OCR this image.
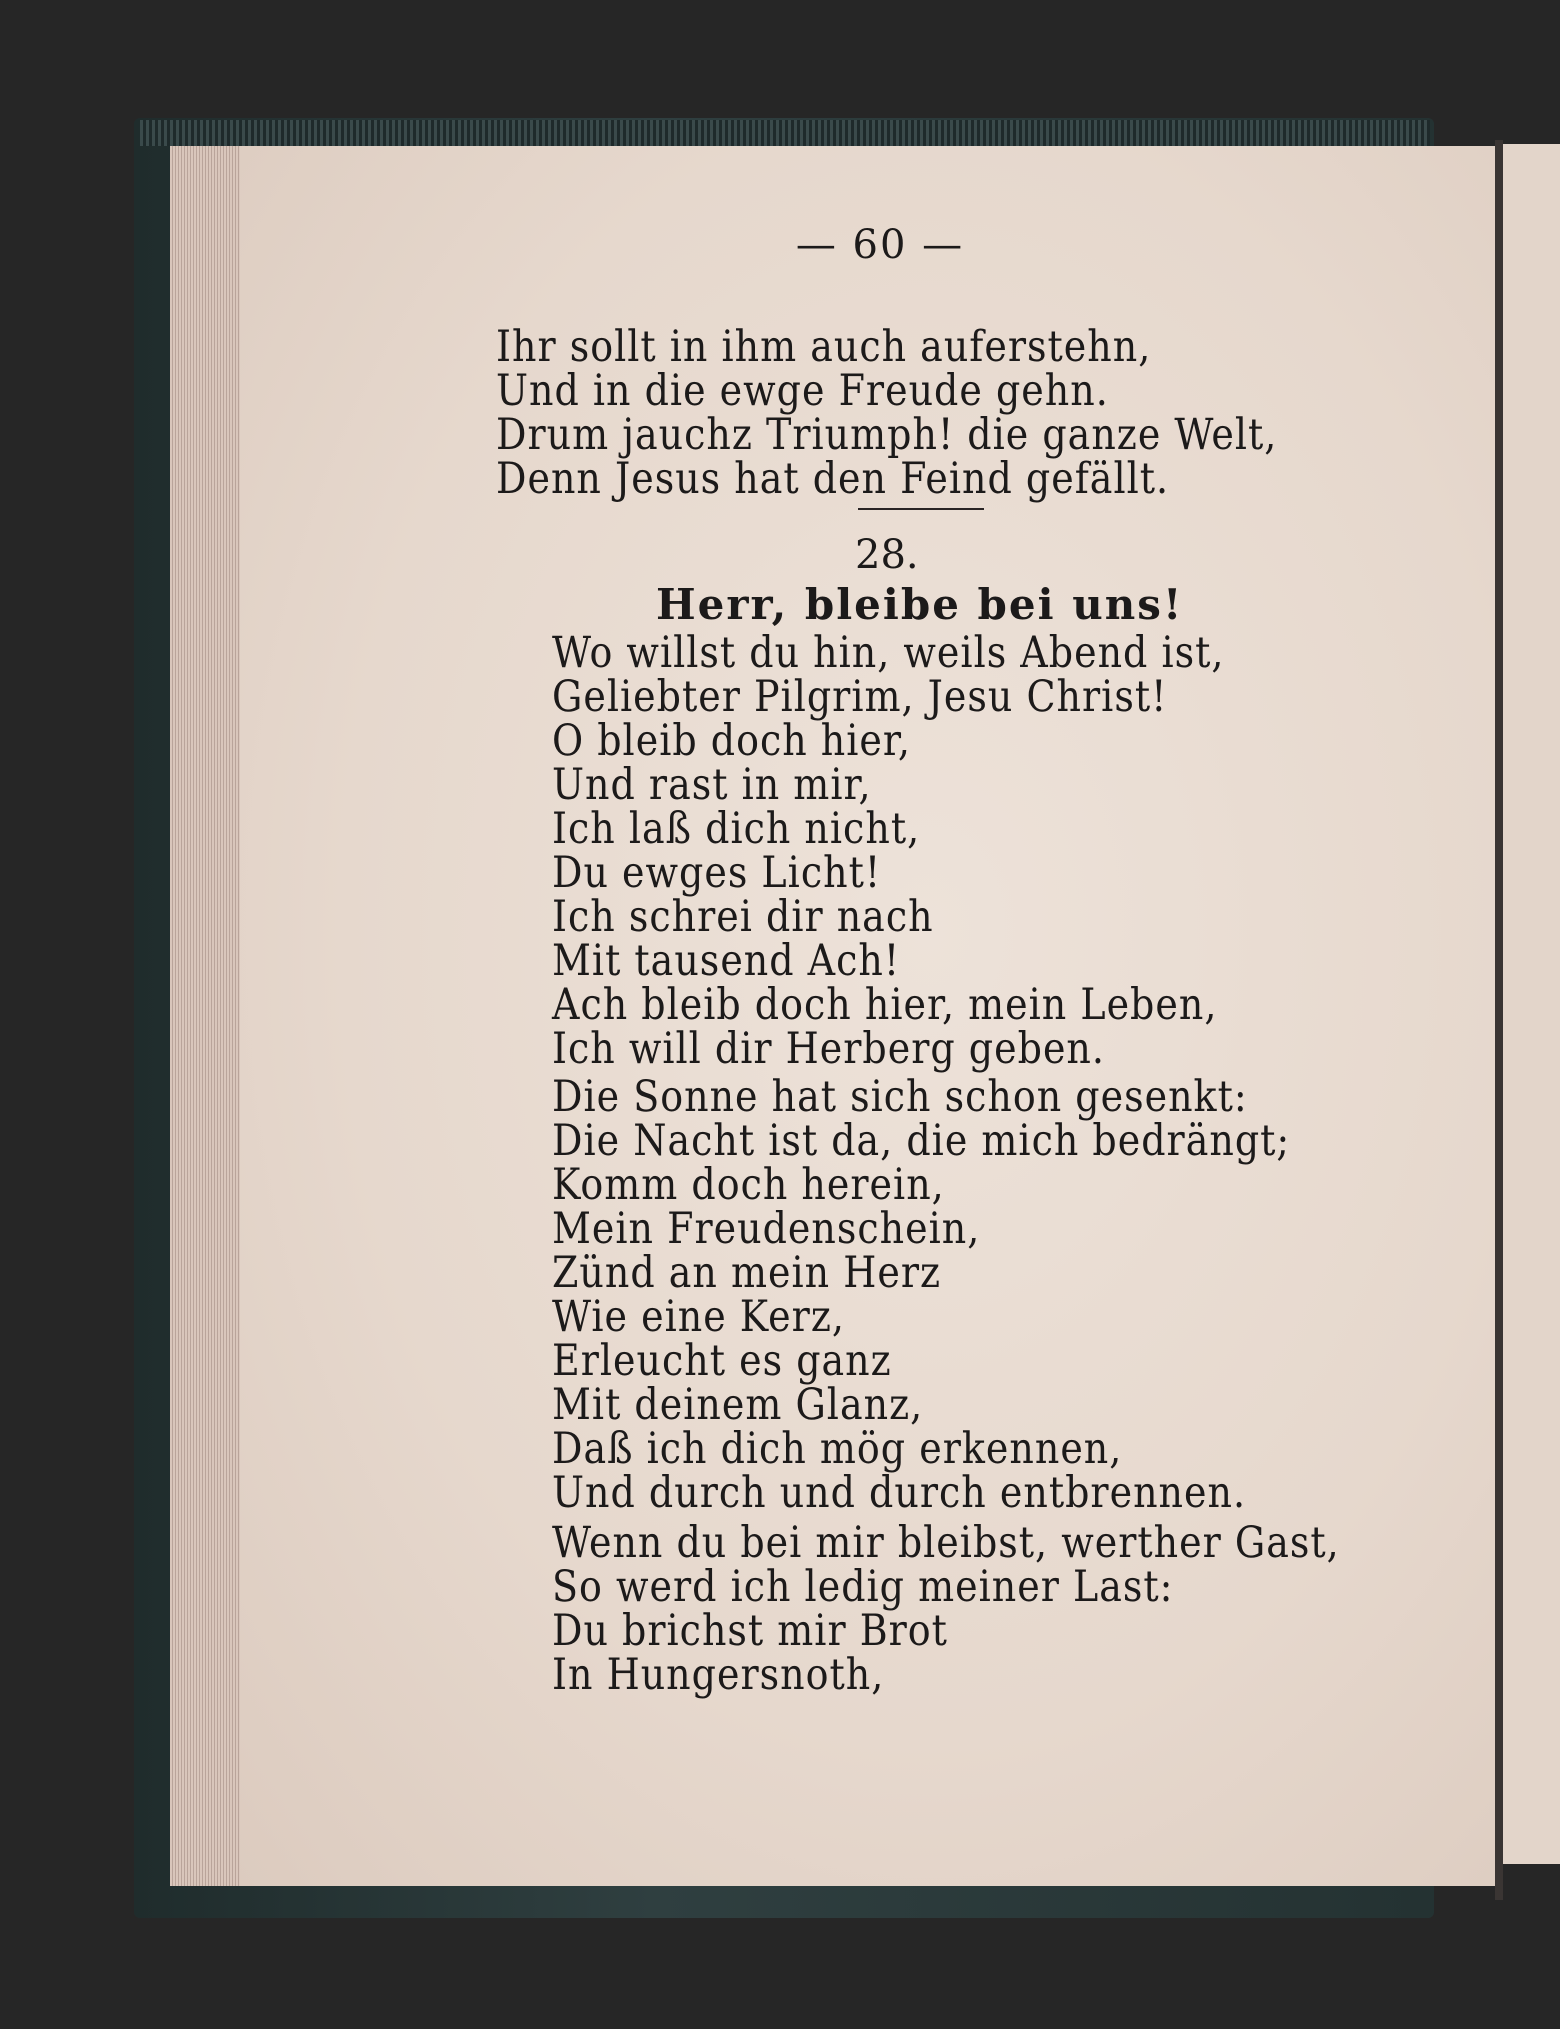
— 60 —
Ihr sollt in ihm auch auferstehn,
Und in die ewge Freude gehn.
Drum jauchz Triumph! die ganze Welt,
Denn Jesus hat den Feind gefällt.
28.
Herr, bleibe bei uns!
Wo willst du hin, weils Abend ist,
Geliebter Pilgrim, Jesu Christ!
O bleib doch hier,
Und rast in mir,
Ich laß dich nicht,
Du ewges Licht!
Ich schrei dir nach
Mit tausend Ach!
Ach bleib doch hier, mein Leben,
Ich will dir Herberg geben.
Die Sonne hat sich schon gesenkt:
Die Nacht ist da, die mich bedrängt;
Komm doch herein,
Mein Freudenschein,
Zünd an mein Herz
Wie eine Kerz,
Erleucht es ganz
Mit deinem Glanz,
Daß ich dich mög erkennen,
Und durch und durch entbrennen.
Wenn du bei mir bleibst, werther Gast,
So werd ich ledig meiner Last:
Du brichst mir Brot
In Hungersnoth,
